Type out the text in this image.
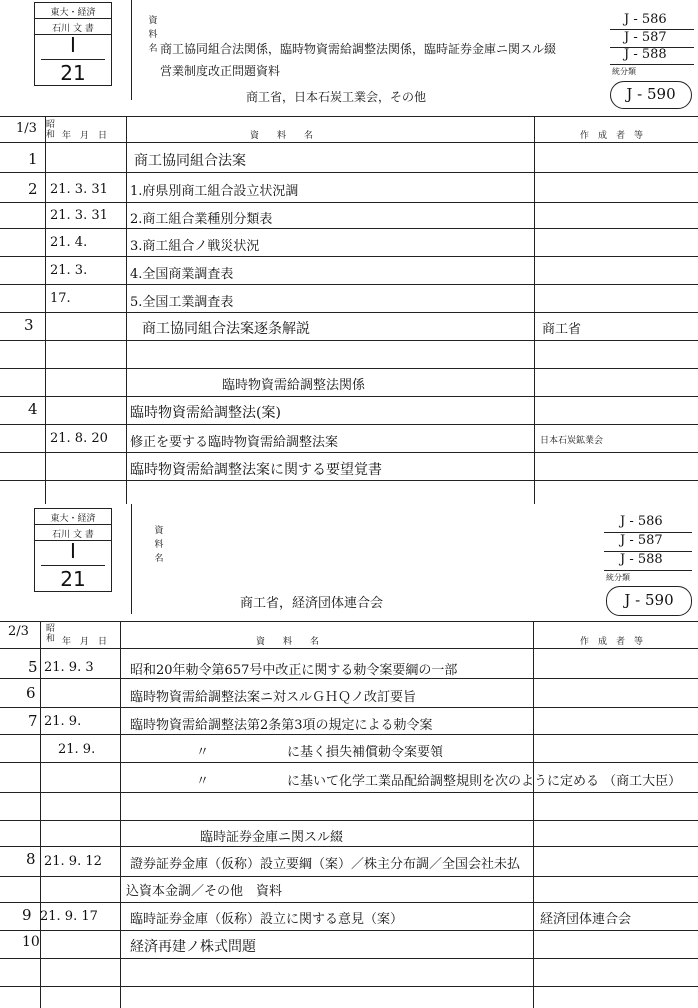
東大・経済
石川 文 書
I
21
資
料
名 商工協同組合法関係，臨時物資需給調整法関係，臨時証券金庫ニ関スル綴
営業制度改正問題資料
商工省，日本石炭工業会，その他
J - 586
J - 587
J - 588
統分類
J - 590
1/3 昭和 年　月　日	資　　料　　名	作　成　者　等
1	商工協同組合法案
2 21. 3. 31 1.府県別商工組合設立状況調
21. 3. 31 2.商工組合業種別分類表
21. 4.	3.商工組合ノ戦災状況
21. 3.	4.全国商業調査表
17.	5.全国工業調査表
3	商工協同組合法案逐条解説	商工省
臨時物資需給調整法関係
4	臨時物資需給調整法(案)
21. 8. 20 修正を要する臨時物資需給調整法案	日本石炭鉱業会
臨時物資需給調整法案に関する要望覚書
東大・経済
石川 文 書
I
21
資
料
名
商工省，経済団体連合会
J - 586
J - 587
J - 588
統分類
J - 590
2/3 昭和 年　月　日	資　　料　　名	作　成　者　等
5 21. 9. 3	昭和20年勅令第657号中改正に関する勅令案要綱の一部
6	臨時物資需給調整法案ニ対スルＧＨＱノ改訂要旨
7 21. 9.	臨時物資需給調整法第2条第3項の規定による勅令案
21. 9.	〃　　　　　　に基く損失補償勅令案要領
〃　　　　　　に基いて化学工業品配給調整規則を次のように定める （商工大臣）
臨時証券金庫ニ関スル綴
8 21. 9. 12 證券証券金庫（仮称）設立要綱（案）／株主分布調／全国会社未払
込資本金調／その他　資料
9 21. 9. 17 臨時証券金庫（仮称）設立に関する意見（案）	経済団体連合会
10	経済再建ノ株式問題
